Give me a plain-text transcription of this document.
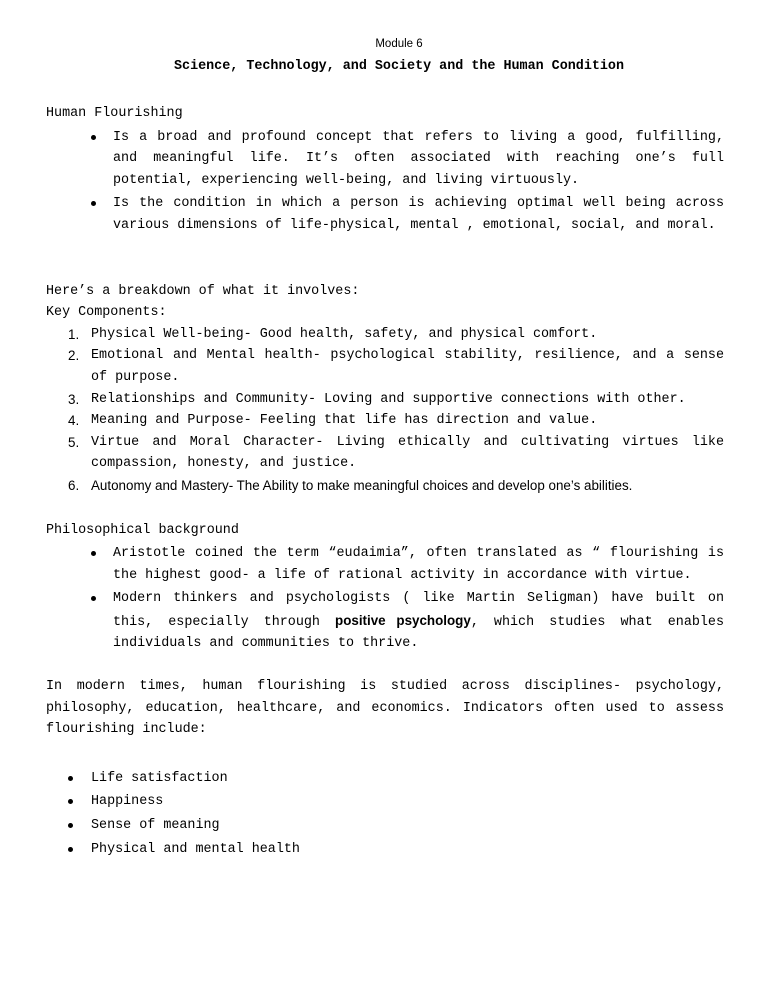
Module 6

Science, Technology, and Society and the Human Condition

Human Flourishing

Is a broad and profound concept that refers to living a good, fulfilling, and meaningful life. It’s often associated with reaching one’s full potential, experiencing well-being, and living virtuously.
Is the condition in which a person is achieving optimal well being across various dimensions of life-physical, mental , emotional, social, and moral.

Here’s a breakdown of what it involves:

Key Components:

1. Physical Well-being- Good health, safety, and physical comfort.
2. Emotional and Mental health- psychological stability, resilience, and a sense of purpose.
3. Relationships and Community- Loving and supportive connections with other.
4. Meaning and Purpose- Feeling that life has direction and value.
5. Virtue and Moral Character- Living ethically and cultivating virtues like compassion, honesty, and justice.
6. Autonomy and Mastery- The Ability to make meaningful choices and develop one’s abilities.

Philosophical background

Aristotle coined the term “eudaimia”, often translated as “ flourishing is the highest good- a life of rational activity in accordance with virtue.
Modern thinkers and psychologists ( like Martin Seligman) have built on this, especially through positive psychology, which studies what enables individuals and communities to thrive.

In modern times, human flourishing is studied across disciplines- psychology, philosophy, education, healthcare, and economics. Indicators often used to assess flourishing include:

Life satisfaction
Happiness
Sense of meaning
Physical and mental health
